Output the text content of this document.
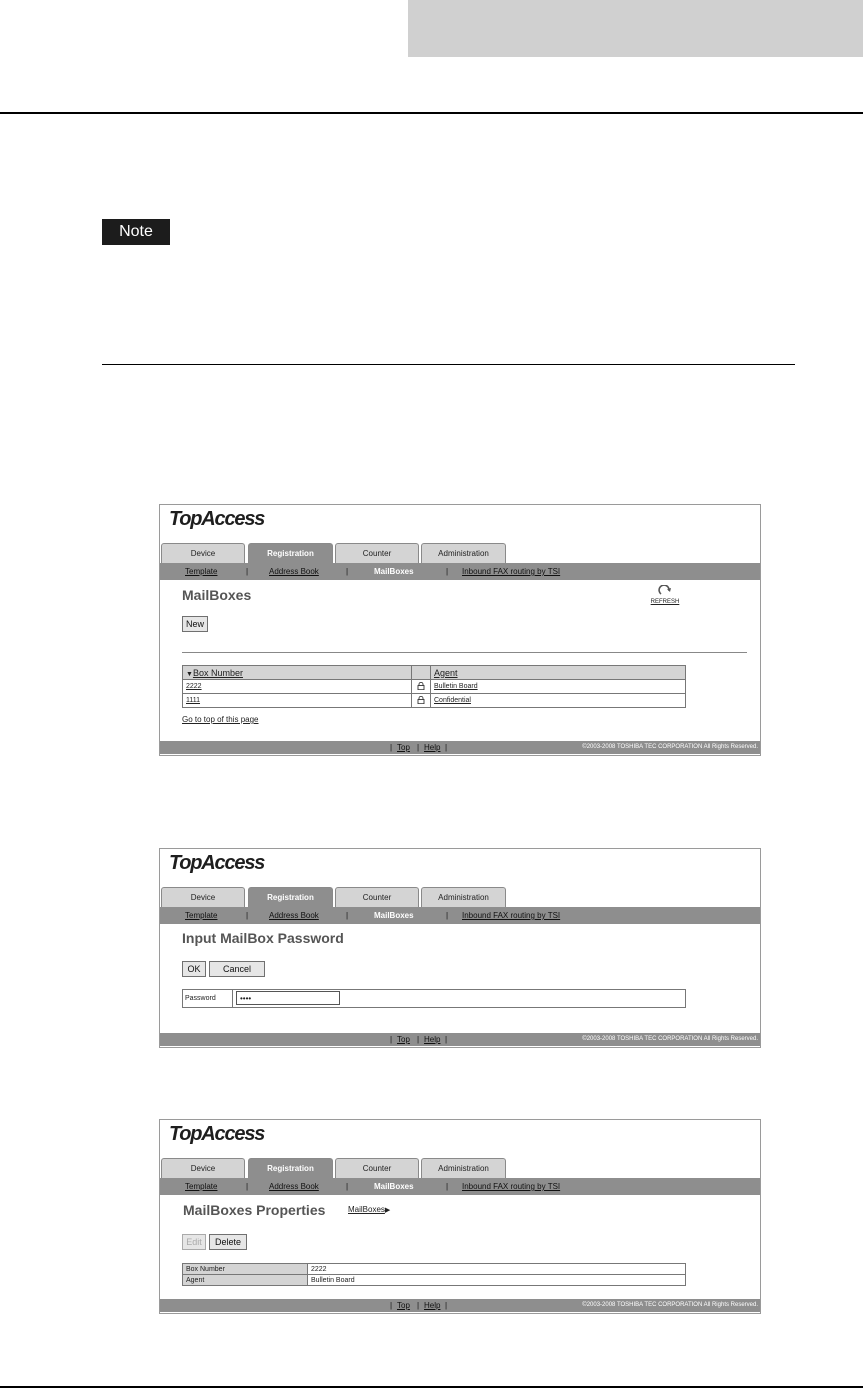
Note
TopAccess
Device	Registration	Counter	Administration
Template	|	Address Book	|	MailBoxes	| Inbound FAX routing by TSI
MailBoxes	REFRESH
New
▼Box Number		Agent
2222		Bulletin Board
1111		Confidential
Go to top of this page
| Top | Help |	©2003-2008 TOSHIBA TEC CORPORATION All Rights Reserved.
TopAccess
Device	Registration	Counter	Administration
Template	|	Address Book	|	MailBoxes	| Inbound FAX routing by TSI
Input MailBox Password
OK	Cancel
Password	••••
| Top | Help |	©2003-2008 TOSHIBA TEC CORPORATION All Rights Reserved.
TopAccess
Device	Registration	Counter	Administration
Template	|	Address Book	|	MailBoxes	| Inbound FAX routing by TSI
MailBoxes Properties	MailBoxes▶
Edit	Delete
Box Number	2222
Agent	Bulletin Board
| Top | Help |	©2003-2008 TOSHIBA TEC CORPORATION All Rights Reserved.
